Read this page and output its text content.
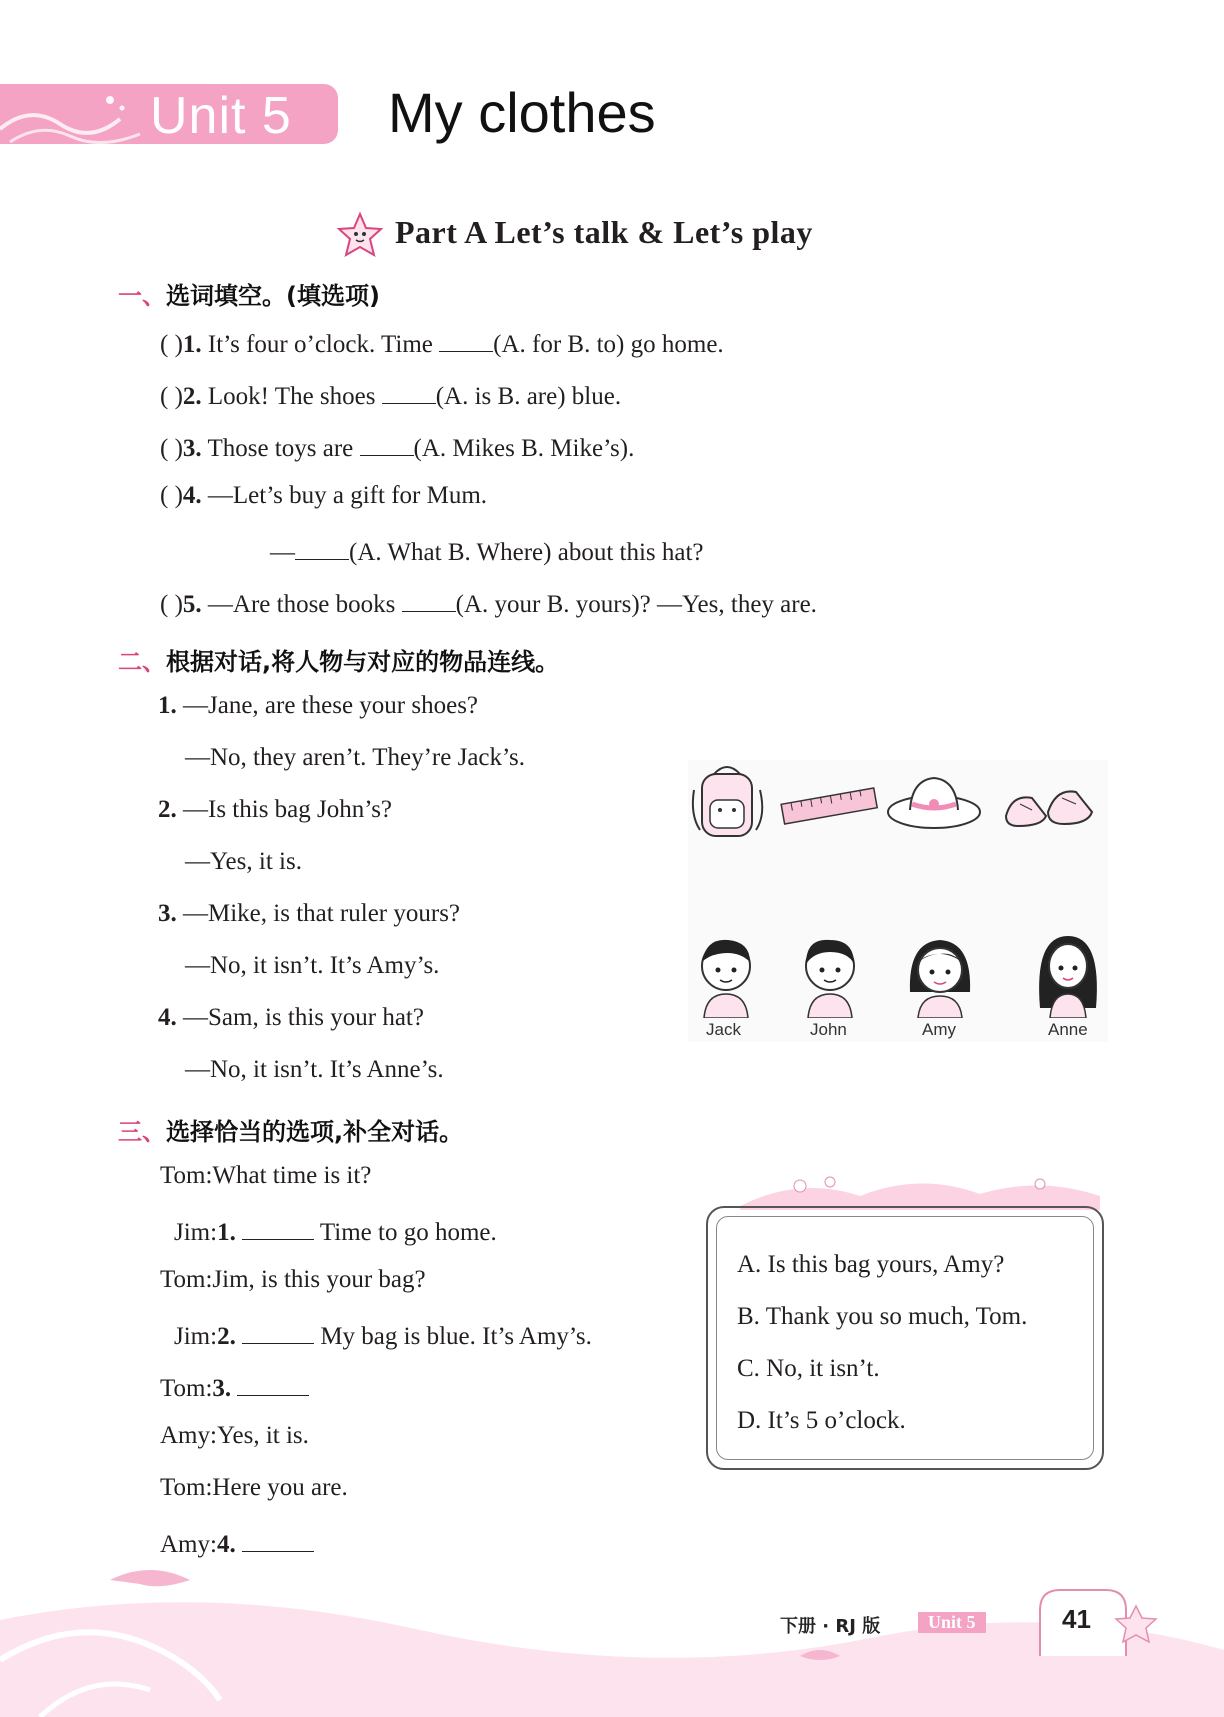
Unit 5 My clothes
Part A Let’s talk & Let’s play
一、选词填空。(填选项)
( )1. It’s four o’clock. Time (A. for B. to) go home.
( )2. Look! The shoes (A. is B. are) blue.
( )3. Those toys are (A. Mikes B. Mike’s).
( )4. —Let’s buy a gift for Mum.
— (A. What B. Where) about this hat?
( )5. —Are those books (A. your B. yours)? —Yes, they are.
二、根据对话,将人物与对应的物品连线。
1. —Jane, are these your shoes?
—No, they aren’t. They’re Jack’s.
2. —Is this bag John’s?
—Yes, it is.
3. —Mike, is that ruler yours?
—No, it isn’t. It’s Amy’s.
4. —Sam, is this your hat?
—No, it isn’t. It’s Anne’s.
Jack	John	Amy	Anne
三、选择恰当的选项,补全对话。
Tom:What time is it?
Jim:1.	Time to go home.
Tom:Jim, is this your bag?
Jim:2.	My bag is blue. It’s Amy’s.
Tom:3.
Amy:Yes, it is.
Tom:Here you are.
Amy:4.
A. Is this bag yours, Amy?
B. Thank you so much, Tom.
C. No, it isn’t.
D. It’s 5 o’clock.
下册 · RJ 版	Unit 5	41
